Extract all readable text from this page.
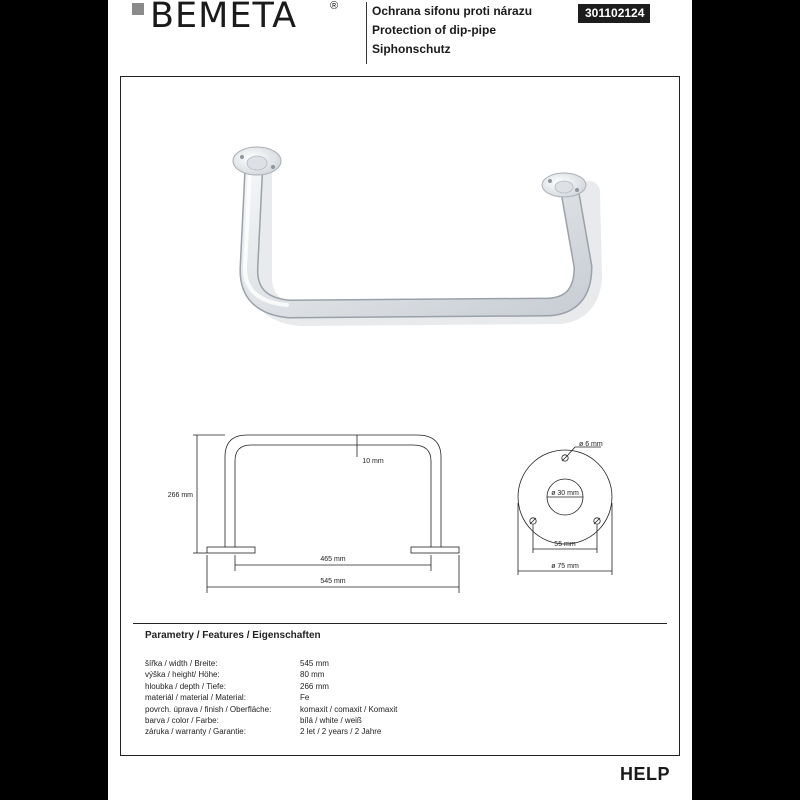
BEMETA	®	Ochrana sifonu proti nárazu
Protection of dip-pipe
Siphonschutz
301102124
266 mm
10 mm
465 mm
545 mm
ø 6 mm
ø 30 mm
55 mm
ø 75 mm
Parametry / Features / Eigenschaften
šířka / width / Breite:	545 mm
výška / height/ Höhe:	80 mm
hloubka / depth / Tiefe:	266 mm
materiál / material / Material:	Fe
povrch. úprava / finish / Oberfläche:	komaxit / comaxit / Komaxit
barva / color / Farbe:	bílá / white / weiß
záruka / warranty / Garantie:	2 let / 2 years / 2 Jahre
HELP
